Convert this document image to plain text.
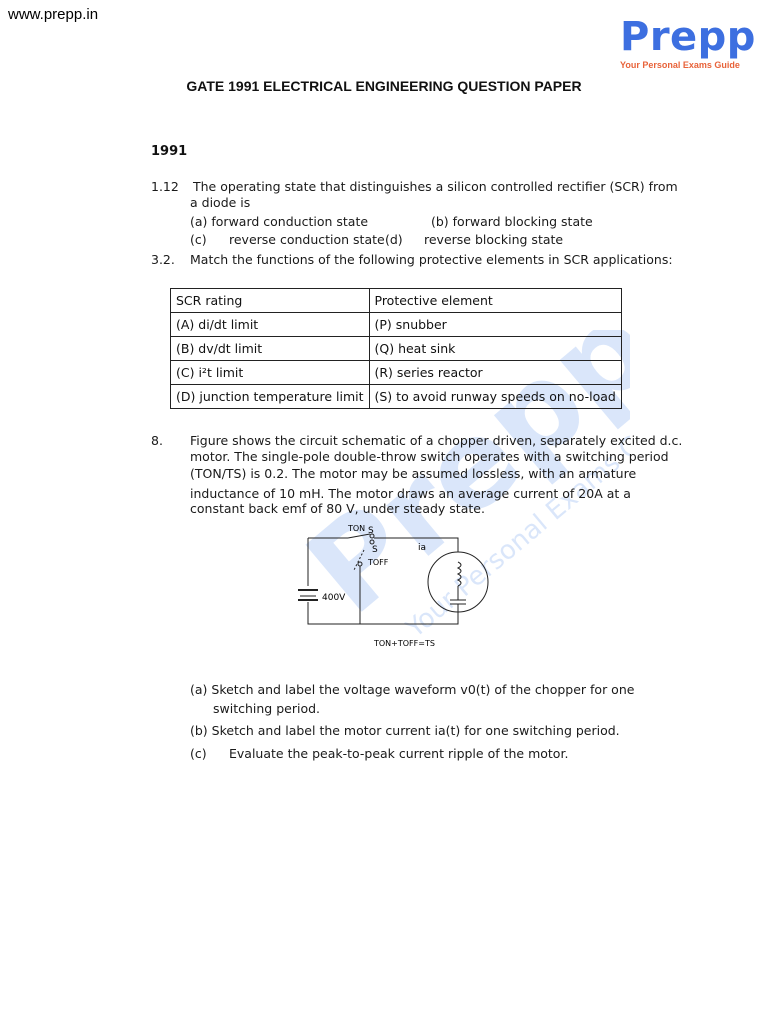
Prepp
Your Personal Exams Guide
www.prepp.in	Prepp
Your Personal Exams Guide
GATE 1991 ELECTRICAL ENGINEERING QUESTION PAPER
1991
1.12 The operating state that distinguishes a silicon controlled rectifier (SCR) from
a diode is
(a) forward conduction state	(b) forward blocking state
(c) reverse conduction state (d) reverse blocking state
3.2. Match the functions of the following protective elements in SCR applications:
SCR rating	Protective element
(A) di/dt limit	(P) snubber
(B) dv/dt limit	(Q) heat sink
(C) i²t limit	(R) series reactor
(D) junction temperature limit	(S) to avoid runway speeds on no-load
8. Figure shows the circuit schematic of a chopper driven, separately excited d.c.
motor. The single-pole double-throw switch operates with a switching period
(TON/TS) is 0.2. The motor may be assumed lossless, with an armature
inductance of 10 mH. The motor draws an average current of 20A at a
constant back emf of 80 V, under steady state.
(a) Sketch and label the voltage waveform v0(t) of the chopper for one
switching period.
(b) Sketch and label the motor current ia(t) for one switching period.
(c) Evaluate the peak-to-peak current ripple of the motor.
TON S
S
TOFF
ia
400V
TON+TOFF=TS
